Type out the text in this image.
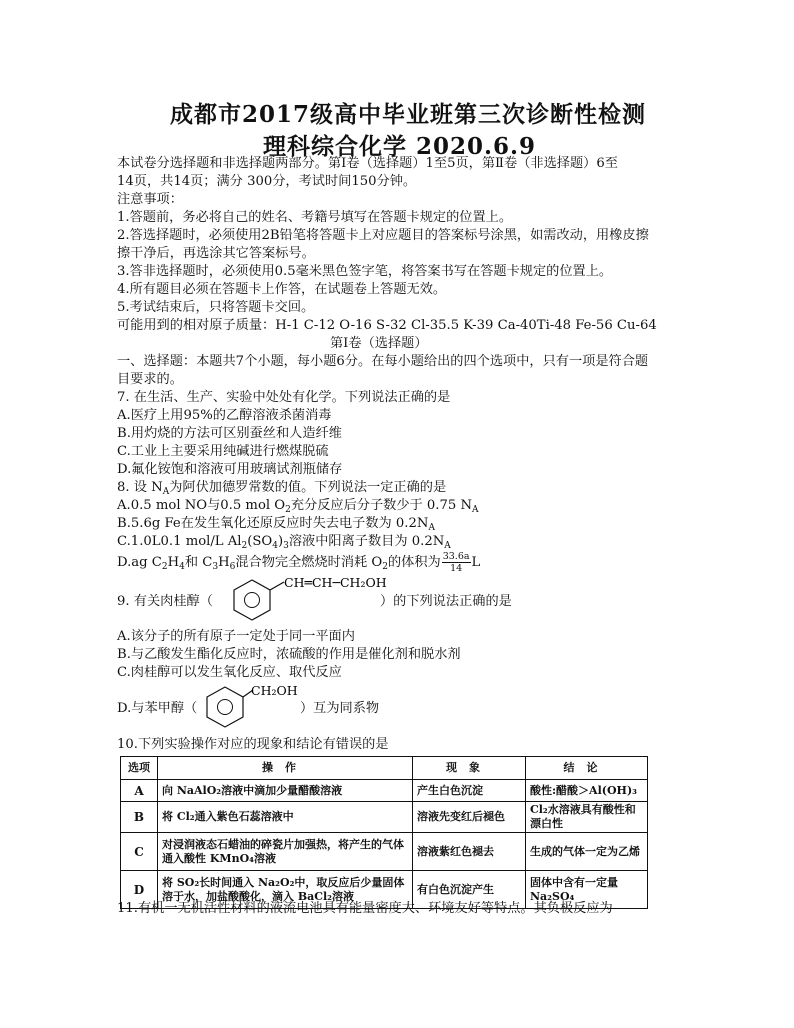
成都市2017级高中毕业班第三次诊断性检测
理科综合化学 2020.6.9
本试卷分选择题和非选择题两部分。第Ⅰ卷（选择题）1至5页，第Ⅱ卷（非选择题）6至
14页，共14页；满分 300分，考试时间150分钟。
注意事项：
1.答题前，务必将自己的姓名、考籍号填写在答题卡规定的位置上。
2.答选择题时，必须使用2B铅笔将答题卡上对应题目的答案标号涂黑，如需改动，用橡皮擦
擦干净后，再选涂其它答案标号。
3.答非选择题时，必须使用0.5毫米黑色签字笔，将答案书写在答题卡规定的位置上。
4.所有题目必须在答题卡上作答，在试题卷上答题无效。
5.考试结束后，只将答题卡交回。
可能用到的相对原子质量：H-1 C-12 O-16 S-32 Cl-35.5 K-39 Ca-40Ti-48 Fe-56 Cu-64
第Ⅰ卷（选择题）
一、选择题：本题共7个小题，每小题6分。在每小题给出的四个选项中，只有一项是符合题
目要求的。
7. 在生活、生产、实验中处处有化学。下列说法正确的是
A.医疗上用95%的乙醇溶液杀菌消毒
B.用灼烧的方法可区别蚕丝和人造纤维
C.工业上主要采用纯碱进行燃煤脱硫
D.氟化铵饱和溶液可用玻璃试剂瓶储存
8. 设 $N_A$为阿伏加德罗常数的值。下列说法一定正确的是
A.0.5 mol NO与0.5 mol $O_2$充分反应后分子数少于 0.75 $N_A$
B.5.6g Fe在发生氧化还原反应时失去电子数为 $0.2N_A$
C.1.0L0.1 mol/L $Al_2(SO_4)_3$溶液中阳离子数目为 $0.2N_A$
D.ag $C_2H_4$和 $C_3H_6$混合物完全燃烧时消耗 $O_2$的体积为 $\frac{33.6a}{14}$ L
9. 有关肉桂醇（
CH═CH─CH₂OH
）的下列说法正确的是
A.该分子的所有原子一定处于同一平面内
B.与乙酸发生酯化反应时，浓硫酸的作用是催化剂和脱水剂
C.肉桂醇可以发生氧化反应、取代反应
D.与苯甲醇（
CH₂OH
）互为同系物
10.下列实验操作对应的现象和结论有错误的是
选项	操作	现象	结论
A	向 NaAlO₂溶液中滴加少量醋酸溶液	产生白色沉淀	酸性:醋酸＞Al(OH)₃
B	将 Cl₂通入紫色石蕊溶液中	溶液先变红后褪色	Cl₂水溶液具有酸性和漂白性
C	对浸润液态石蜡油的碎瓷片加强热，将产生的气体通入酸性 KMnO₄溶液	溶液紫红色褪去	生成的气体一定为乙烯
D	将 SO₂长时间通入 Na₂O₂中，取反应后少量固体溶于水，加盐酸酸化，滴入 BaCl₂溶液	有白色沉淀产生	固体中含有一定量 Na₂SO₄
11.有机一无机活性材料的液流电池具有能量密度大、环境友好等特点。其负极反应为
